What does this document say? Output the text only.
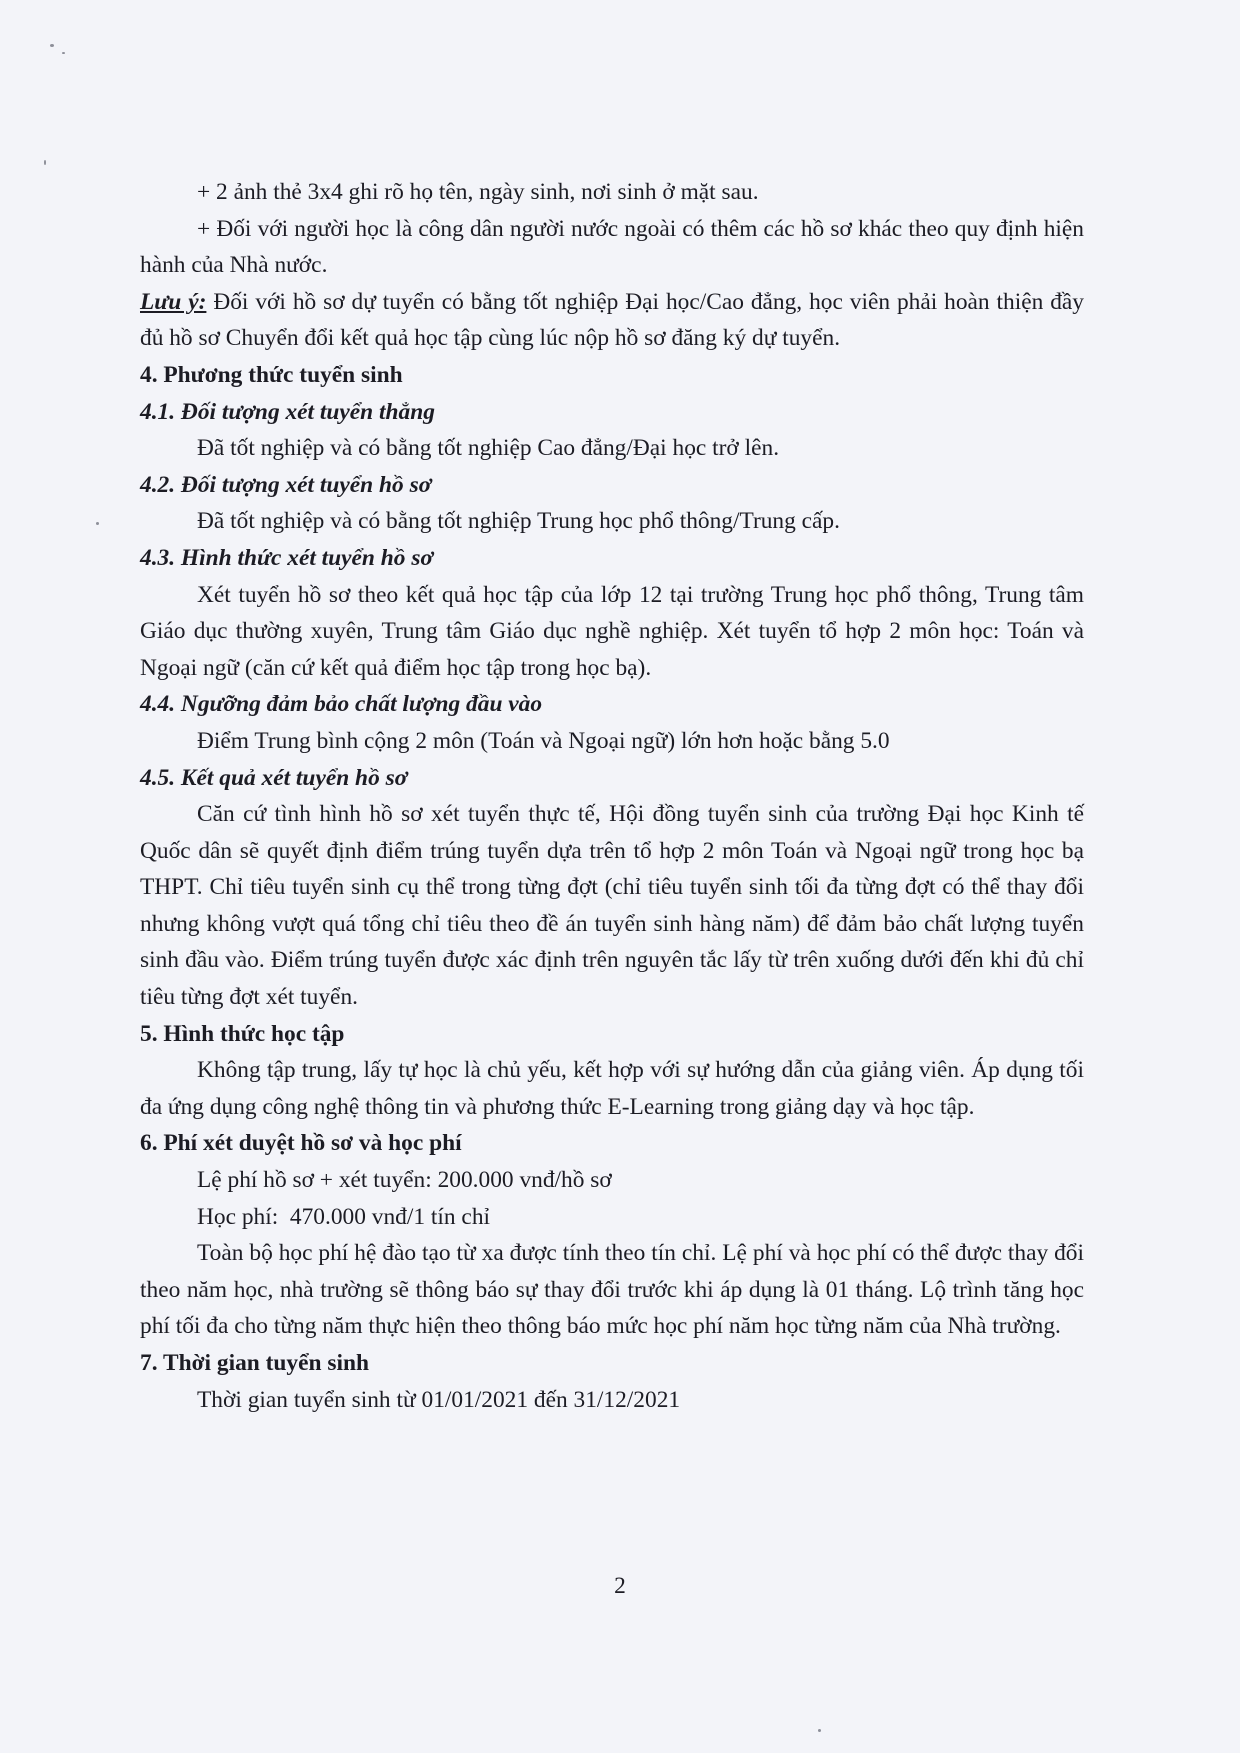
+ 2 ảnh thẻ 3x4 ghi rõ họ tên, ngày sinh, nơi sinh ở mặt sau.

+ Đối với người học là công dân người nước ngoài có thêm các hồ sơ khác theo quy định hiện hành của Nhà nước.

Lưu ý: Đối với hồ sơ dự tuyển có bằng tốt nghiệp Đại học/Cao đẳng, học viên phải hoàn thiện đầy đủ hồ sơ Chuyển đổi kết quả học tập cùng lúc nộp hồ sơ đăng ký dự tuyển.

4. Phương thức tuyển sinh

4.1. Đối tượng xét tuyển thẳng

Đã tốt nghiệp và có bằng tốt nghiệp Cao đẳng/Đại học trở lên.

4.2. Đối tượng xét tuyển hồ sơ

Đã tốt nghiệp và có bằng tốt nghiệp Trung học phổ thông/Trung cấp.

4.3. Hình thức xét tuyển hồ sơ

Xét tuyển hồ sơ theo kết quả học tập của lớp 12 tại trường Trung học phổ thông, Trung tâm Giáo dục thường xuyên, Trung tâm Giáo dục nghề nghiệp. Xét tuyển tổ hợp 2 môn học: Toán và Ngoại ngữ (căn cứ kết quả điểm học tập trong học bạ).

4.4. Ngưỡng đảm bảo chất lượng đầu vào

Điểm Trung bình cộng 2 môn (Toán và Ngoại ngữ) lớn hơn hoặc bằng 5.0

4.5. Kết quả xét tuyển hồ sơ

Căn cứ tình hình hồ sơ xét tuyển thực tế, Hội đồng tuyển sinh của trường Đại học Kinh tế Quốc dân sẽ quyết định điểm trúng tuyển dựa trên tổ hợp 2 môn Toán và Ngoại ngữ trong học bạ THPT. Chỉ tiêu tuyển sinh cụ thể trong từng đợt (chỉ tiêu tuyển sinh tối đa từng đợt có thể thay đổi nhưng không vượt quá tổng chỉ tiêu theo đề án tuyển sinh hàng năm) để đảm bảo chất lượng tuyển sinh đầu vào. Điểm trúng tuyển được xác định trên nguyên tắc lấy từ trên xuống dưới đến khi đủ chỉ tiêu từng đợt xét tuyển.

5. Hình thức học tập

Không tập trung, lấy tự học là chủ yếu, kết hợp với sự hướng dẫn của giảng viên. Áp dụng tối đa ứng dụng công nghệ thông tin và phương thức E-Learning trong giảng dạy và học tập.

6. Phí xét duyệt hồ sơ và học phí

Lệ phí hồ sơ + xét tuyển: 200.000 vnđ/hồ sơ

Học phí:  470.000 vnđ/1 tín chỉ

Toàn bộ học phí hệ đào tạo từ xa được tính theo tín chỉ. Lệ phí và học phí có thể được thay đổi theo năm học, nhà trường sẽ thông báo sự thay đổi trước khi áp dụng là 01 tháng. Lộ trình tăng học phí tối đa cho từng năm thực hiện theo thông báo mức học phí năm học từng năm của Nhà trường.

7. Thời gian tuyển sinh

Thời gian tuyển sinh từ 01/01/2021 đến 31/12/2021

2
